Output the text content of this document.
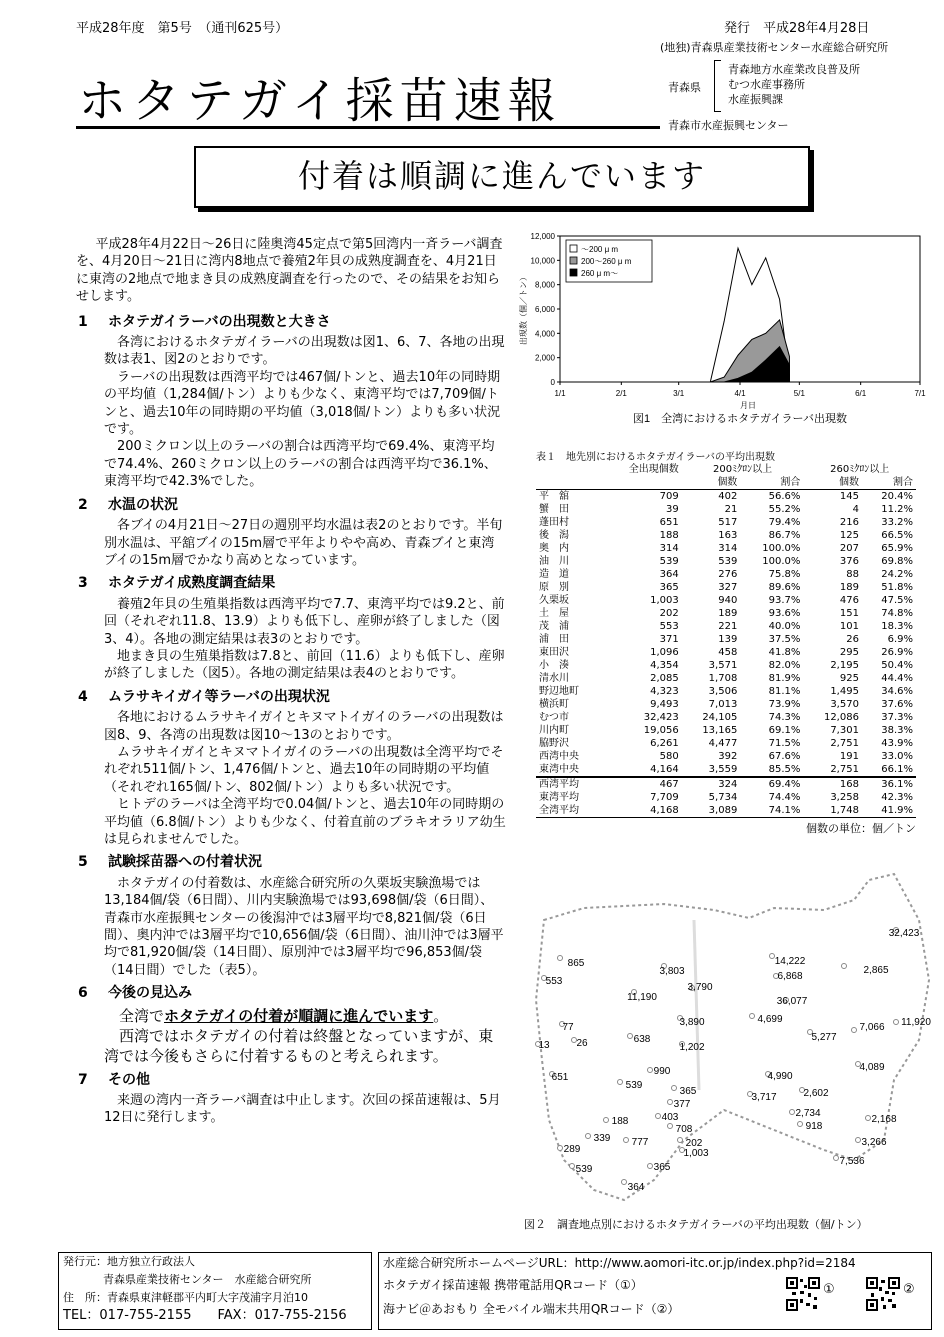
平成28年度　第5号　（通刊625号）	発行　平成28年4月28日
(地独)青森県産業技術センター水産総合研究所
ホタテガイ採苗速報	青森県
青森地方水産業改良普及所
むつ水産事務所
水産振興課
青森市水産振興センター
付着は順調に進んでいます

平成28年4月22日～26日に陸奥湾45定点で第5回湾内一斉ラーバ調査を、4月20日～21日に湾内8地点で養殖2年貝の成熟度調査を、4月21日に東湾の2地点で地まき貝の成熟度調査を行ったので、その結果をお知らせします。

1 ホタテガイラーバの出現数と大きさ

各湾におけるホタテガイラーバの出現数は図1、6、7、各地の出現数は表1、図2のとおりです。

ラーバの出現数は西湾平均では467個/トンと、過去10年の同時期の平均値（1,284個/トン）よりも少なく、東湾平均では7,709個/トンと、過去10年の同時期の平均値（3,018個/トン）よりも多い状況です。

200ミクロン以上のラーバの割合は西湾平均で69.4%、東湾平均で74.4%、260ミクロン以上のラーバの割合は西湾平均で36.1%、東湾平均で42.3%でした。

2 水温の状況

各ブイの4月21日～27日の週別平均水温は表2のとおりです。半旬別水温は、平舘ブイの15m層で平年よりやや高め、青森ブイと東湾ブイの15m層でかなり高めとなっています。

3 ホタテガイ成熟度調査結果

養殖2年貝の生殖巣指数は西湾平均で7.7、東湾平均では9.2と、前回（それぞれ11.8、13.9）よりも低下し、産卵が終了しました（図3、4）。各地の測定結果は表3のとおりです。

地まき貝の生殖巣指数は7.8と、前回（11.6）よりも低下し、産卵が終了しました（図5）。各地の測定結果は表4のとおりです。

4 ムラサキイガイ等ラーバの出現状況

各地におけるムラサキイガイとキヌマトイガイのラーバの出現数は図8、9、各湾の出現数は図10～13のとおりです。

ムラサキイガイとキヌマトイガイのラーバの出現数は全湾平均でそれぞれ511個/トン、1,476個/トンと、過去10年の同時期の平均値（それぞれ165個/トン、802個/トン）よりも多い状況です。

ヒトデのラーバは全湾平均で0.04個/トンと、過去10年の同時期の平均値（6.8個/トン）よりも少なく、付着直前のブラキオラリア幼生は見られませんでした。

5 試験採苗器への付着状況

ホタテガイの付着数は、水産総合研究所の久栗坂実験漁場では13,184個/袋（6日間）、川内実験漁場では93,698個/袋（6日間）、青森市水産振興センターの後潟沖では3層平均で8,821個/袋（6日間）、奥内沖では3層平均で10,656個/袋（6日間）、油川沖では3層平均で81,920個/袋（14日間）、原別沖では3層平均で96,853個/袋（14日間）でした（表5）。

6 今後の見込み

全湾でホタテガイの付着が順調に進んでいます。

西湾ではホタテガイの付着は終盤となっていますが、東湾では今後もさらに付着するものと考えられます。

7 その他

来週の湾内一斉ラーバ調査は中止します。次回の採苗速報は、5月12日に発行します。

0
2,000
4,000
6,000
8,000
10,000
12,000
1/1	2/1	3/1	4/1	5/1	6/1	7/1
月日
出現数（個／トン）
～200 μ m
200～260 μ m
260 μ m～
図1　全湾におけるホタテガイラーバ出現数
表１　地先別におけるホタテガイラーバの平均出現数
	全出現個数	200ﾐｸﾛﾝ以上		260ﾐｸﾛﾝ以上	
		個数	割合	個数	割合
平　舘	709	402	56.6%	145	20.4%
蟹　田	39	21	55.2%	4	11.2%
蓬田村	651	517	79.4%	216	33.2%
後　潟	188	163	86.7%	125	66.5%
奥　内	314	314	100.0%	207	65.9%
油　川	539	539	100.0%	376	69.8%
造　道	364	276	75.8%	88	24.2%
原　別	365	327	89.6%	189	51.8%
久栗坂	1,003	940	93.7%	476	47.5%
土　屋	202	189	93.6%	151	74.8%
茂　浦	553	221	40.0%	101	18.3%
浦　田	371	139	37.5%	26	6.9%
東田沢	1,096	458	41.8%	295	26.9%
小　湊	4,354	3,571	82.0%	2,195	50.4%
清水川	2,085	1,708	81.9%	925	44.4%
野辺地町	4,323	3,506	81.1%	1,495	34.6%
横浜町	9,493	7,013	73.9%	3,570	37.6%
むつ市	32,423	24,105	74.3%	12,086	37.3%
川内町	19,056	13,165	69.1%	7,301	38.3%
脇野沢	6,261	4,477	71.5%	2,751	43.9%
西湾中央	580	392	67.6%	191	33.0%
東湾中央	4,164	3,559	85.5%	2,751	66.1%
西湾平均	467	324	69.4%	168	36.1%
東湾平均	7,709	5,734	74.4%	3,258	42.3%
全湾平均	4,168	3,089	74.1%	1,748	41.9%
個数の単位：個／トン
32,423
865
3,803
14,222
2,865
553	6,868
3,790
11,190	36,077
4,699
5,277
7,066 11,920
3,890
77
638
13	26	1,202
4,089
651
990	4,990
539
365	2,602
3,717
377
2,734
188	403
918
2,168
708
339	202
777	3,266
289	1,003
7,536
539	365
364
図２　調査地点別におけるホタテガイラーバの平均出現数（個/トン）
発行元：地方独立行政法人
青森県産業技術センター　水産総合研究所
住　所：青森県東津軽郡平内町大字茂浦字月泊10
TEL：017-755-2155　　FAX：017-755-2156
水産総合研究所ホームページURL：http://www.aomori-itc.or.jp/index.php?id=2184
ホタテガイ採苗速報 携帯電話用QRコード（①）
海ナビ＠あおもり 全モバイル端末共用QRコード（②）
①	②
